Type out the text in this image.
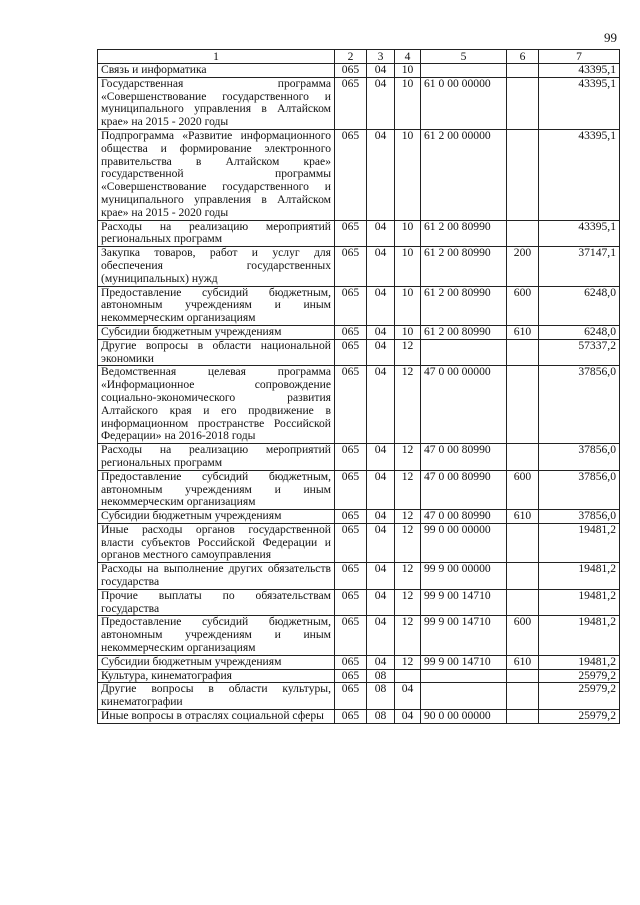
99
1	2	3	4	5	6	7
Связь и информатика	065	04	10			43395,1
Государственная программа «Совершенствование государственного и муниципального управления в Алтайском крае» на 2015 - 2020 годы	065	04	10	61 0 00 00000		43395,1
Подпрограмма «Развитие информационного общества и формирование электронного правительства в Алтайском крае» государственной программы «Совершенствование государственного и муниципального управления в Алтайском крае» на 2015 - 2020 годы	065	04	10	61 2 00 00000		43395,1
Расходы на реализацию мероприятий региональных программ	065	04	10	61 2 00 80990		43395,1
Закупка товаров, работ и услуг для обеспечения государственных (муниципальных) нужд	065	04	10	61 2 00 80990	200	37147,1
Предоставление субсидий бюджетным, автономным учреждениям и иным некоммерческим организациям	065	04	10	61 2 00 80990	600	6248,0
Субсидии бюджетным учреждениям	065	04	10	61 2 00 80990	610	6248,0
Другие вопросы в области национальной экономики	065	04	12			57337,2
Ведомственная целевая программа «Информационное сопровождение социально-экономического развития Алтайского края и его продвижение в информационном пространстве Российской Федерации» на 2016-2018 годы	065	04	12	47 0 00 00000		37856,0
Расходы на реализацию мероприятий региональных программ	065	04	12	47 0 00 80990		37856,0
Предоставление субсидий бюджетным, автономным учреждениям и иным некоммерческим организациям	065	04	12	47 0 00 80990	600	37856,0
Субсидии бюджетным учреждениям	065	04	12	47 0 00 80990	610	37856,0
Иные расходы органов государственной власти субъектов Российской Федерации и органов местного самоуправления	065	04	12	99 0 00 00000		19481,2
Расходы на выполнение других обязательств государства	065	04	12	99 9 00 00000		19481,2
Прочие выплаты по обязательствам государства	065	04	12	99 9 00 14710		19481,2
Предоставление субсидий бюджетным, автономным учреждениям и иным некоммерческим организациям	065	04	12	99 9 00 14710	600	19481,2
Субсидии бюджетным учреждениям	065	04	12	99 9 00 14710	610	19481,2
Культура, кинематография	065	08				25979,2
Другие вопросы в области культуры, кинематографии	065	08	04			25979,2
Иные вопросы в отраслях социальной сферы	065	08	04	90 0 00 00000		25979,2
